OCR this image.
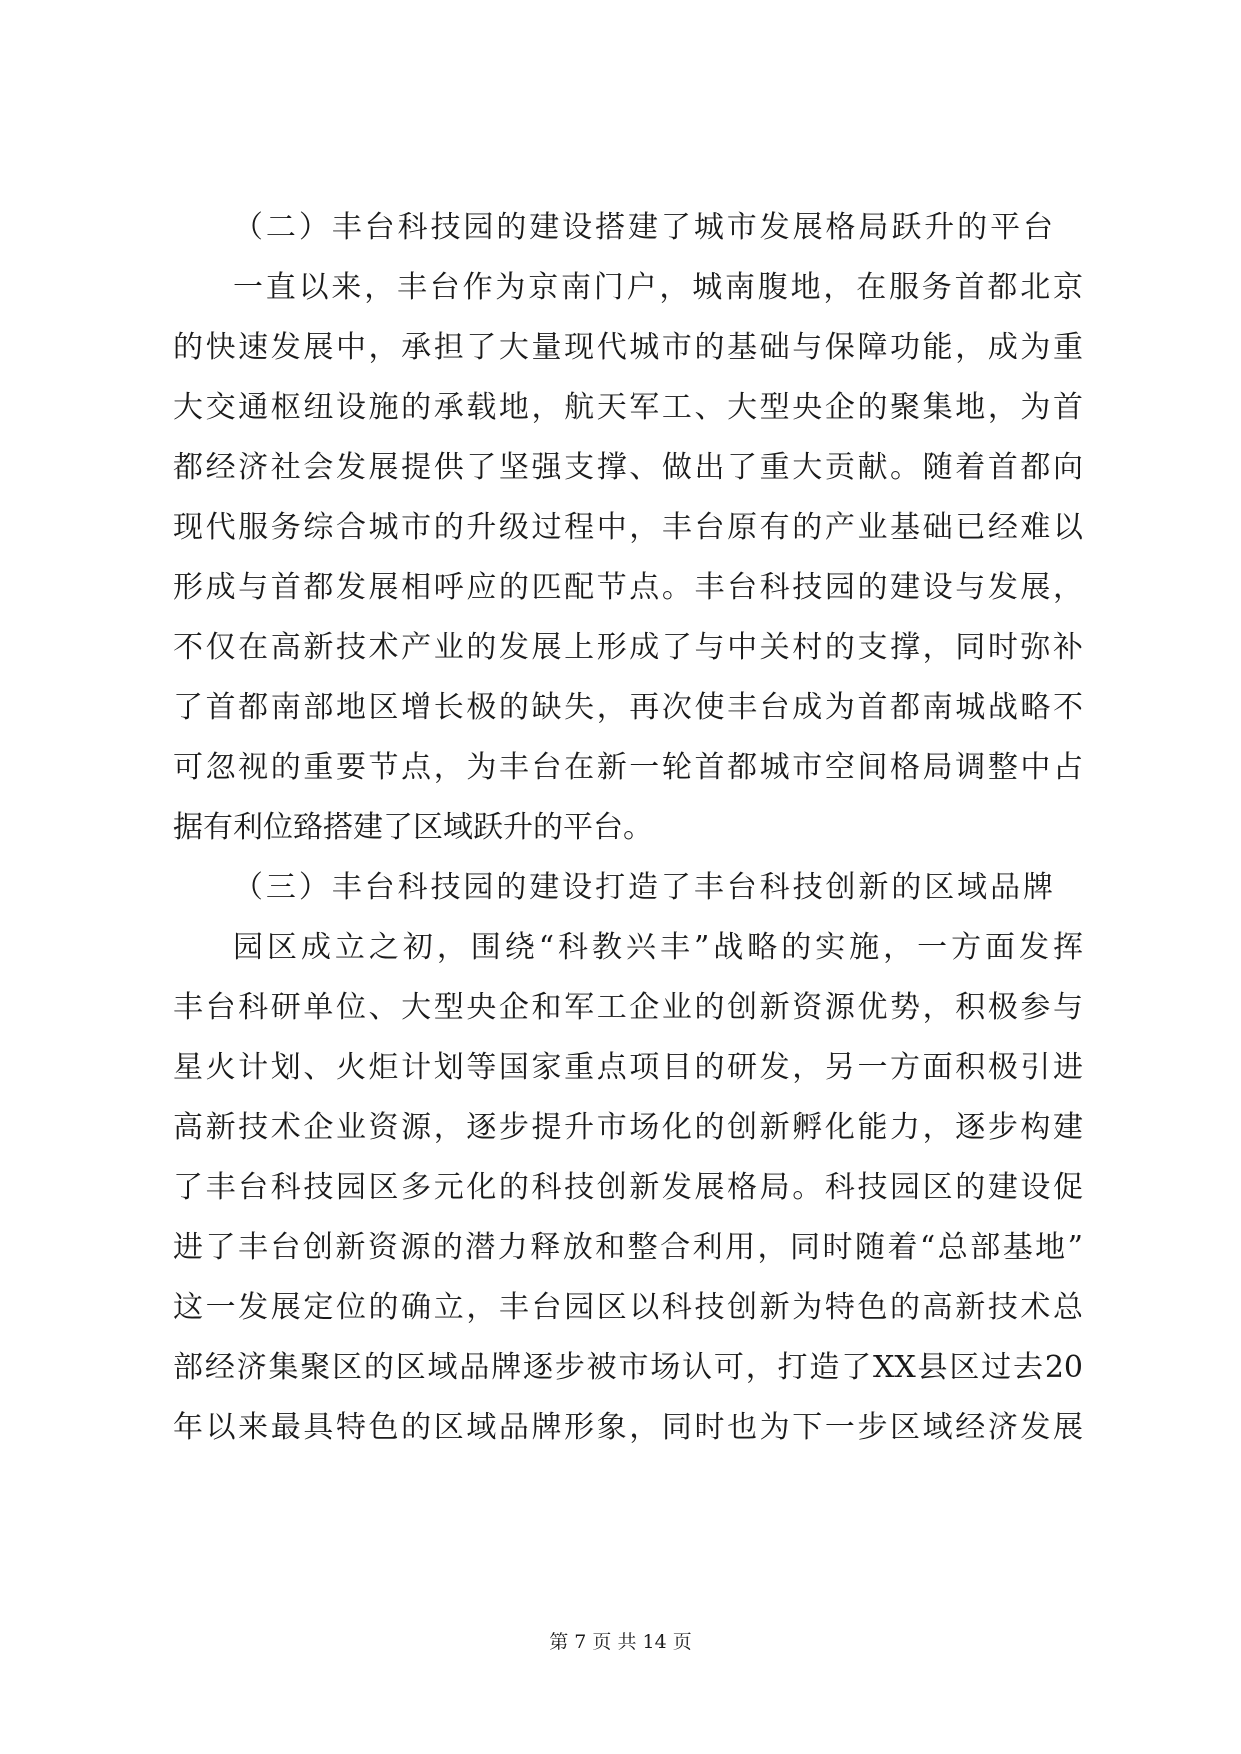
（二）丰台科技园的建设搭建了城市发展格局跃升的平台
一直以来，丰台作为京南门户，城南腹地，在服务首都北京
的快速发展中，承担了大量现代城市的基础与保障功能，成为重
大交通枢纽设施的承载地，航天军工、大型央企的聚集地，为首
都经济社会发展提供了坚强支撑、做出了重大贡献。随着首都向
现代服务综合城市的升级过程中，丰台原有的产业基础已经难以
形成与首都发展相呼应的匹配节点。丰台科技园的建设与发展，
不仅在高新技术产业的发展上形成了与中关村的支撑，同时弥补
了首都南部地区增长极的缺失，再次使丰台成为首都南城战略不
可忽视的重要节点，为丰台在新一轮首都城市空间格局调整中占
据有利位臵搭建了区域跃升的平台。
（三）丰台科技园的建设打造了丰台科技创新的区域品牌
园区成立之初，围绕“科教兴丰”战略的实施，一方面发挥
丰台科研单位、大型央企和军工企业的创新资源优势，积极参与
星火计划、火炬计划等国家重点项目的研发，另一方面积极引进
高新技术企业资源，逐步提升市场化的创新孵化能力，逐步构建
了丰台科技园区多元化的科技创新发展格局。科技园区的建设促
进了丰台创新资源的潜力释放和整合利用，同时随着“总部基地”
这一发展定位的确立，丰台园区以科技创新为特色的高新技术总
部经济集聚区的区域品牌逐步被市场认可，打造了XX县区过去20
年以来最具特色的区域品牌形象，同时也为下一步区域经济发展
第 7 页 共 14 页
